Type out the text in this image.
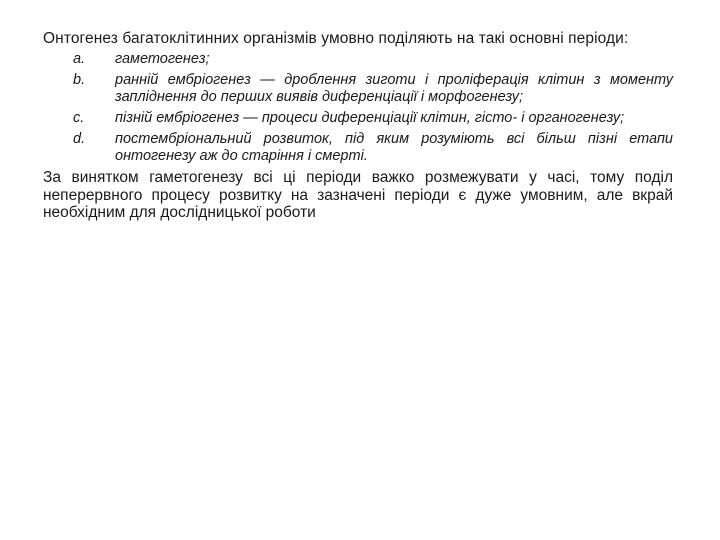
Онтогенез багатоклітинних організмів умовно поділяють на такі основні періоди:

a.	гаметогенез;
b.	ранній ембріогенез — дроблення зиготи і проліферація клітин з моменту запліднення до перших виявів диференціації і морфогенезу;
c.	пізній ембріогенез — процеси диференціації клітин, гісто- і органогенезу;
d.	постембріональний розвиток, під яким розуміють всі більш пізні етапи онтогенезу аж до старіння і смерті.

За винятком гаметогенезу всі ці періоди важко розмежувати у часі, тому поділ неперервного процесу розвитку на зазначені періоди є дуже умовним, але вкрай необхідним для дослідницької роботи
